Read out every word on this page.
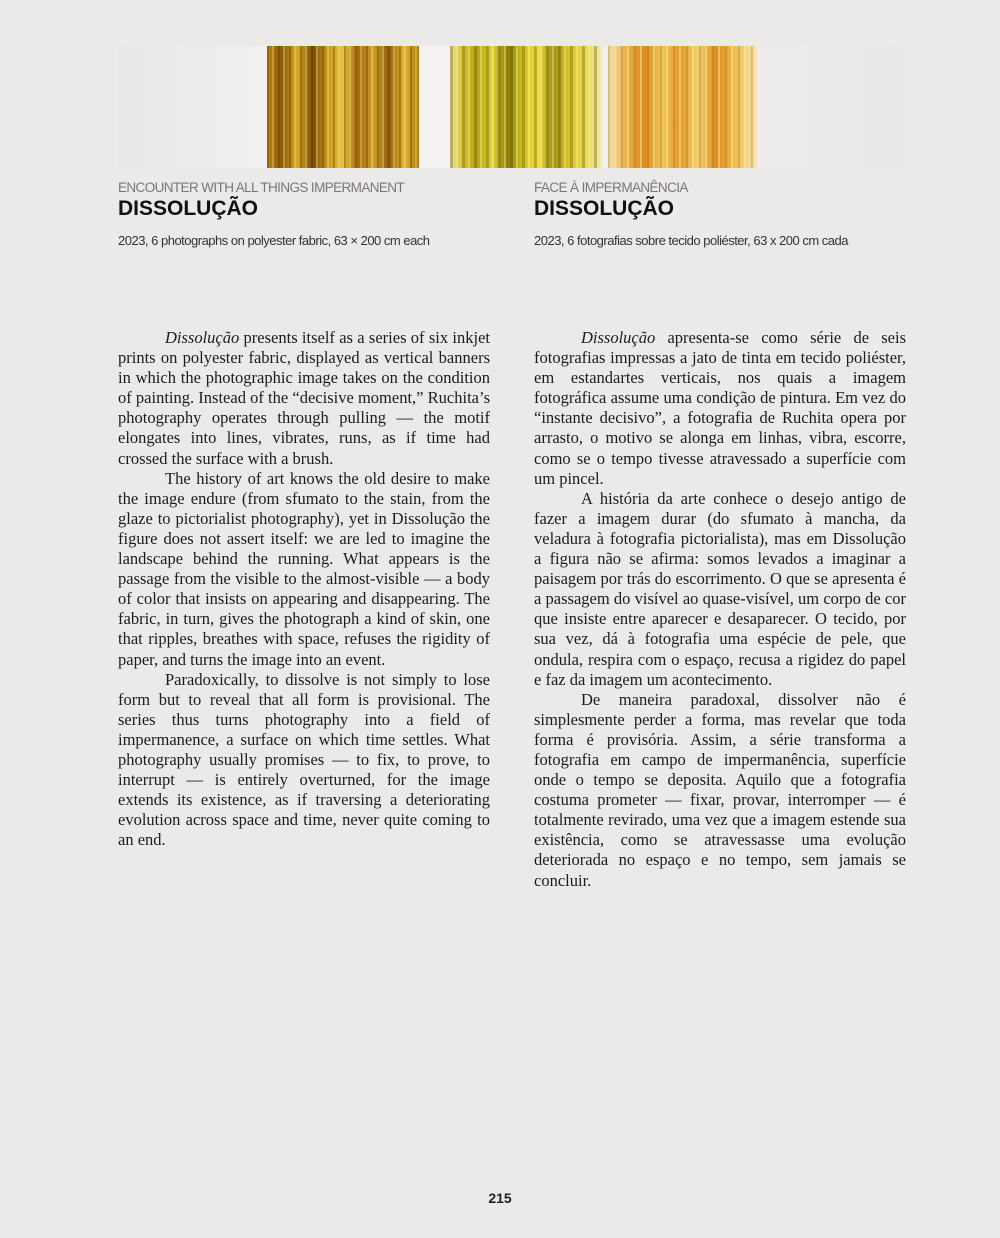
ENCOUNTER WITH ALL THINGS IMPERMANENT
DISSOLUÇÃO
2023, 6 photographs on polyester fabric, 63 × 200 cm each
FACE À IMPERMANÊNCIA
DISSOLUÇÃO
2023, 6 fotografias sobre tecido poliéster, 63 x 200 cm cada

Dissolução presents itself as a series of six inkjet prints on polyester fabric, displayed as vertical banners in which the photographic image takes on the condition of painting. Instead of the “decisive moment,” Ruchita’s photography operates through pulling — the motif elongates into lines, vibrates, runs, as if time had crossed the surface with a brush.

The history of art knows the old desire to make the image endure (from sfumato to the stain, from the glaze to pictorialist photography), yet in Dissolução the figure does not assert itself: we are led to imagine the landscape behind the running. What appears is the passage from the visible to the almost-visible — a body of color that insists on appearing and disappearing. The fabric, in turn, gives the photograph a kind of skin, one that ripples, breathes with space, refuses the rigidity of paper, and turns the image into an event.

Paradoxically, to dissolve is not simply to lose form but to reveal that all form is provisional. The series thus turns photography into a field of impermanence, a surface on which time settles. What photography usually promises — to fix, to prove, to interrupt — is entirely overturned, for the image extends its existence, as if traversing a deteriorating evolution across space and time, never quite coming to an end.

Dissolução apresenta-se como série de seis fotografias impressas a jato de tinta em tecido poliéster, em estandartes verticais, nos quais a imagem fotográfica assume uma condição de pintura. Em vez do “instante decisivo”, a fotografia de Ruchita opera por arrasto, o motivo se alonga em linhas, vibra, escorre, como se o tempo tivesse atravessado a superfície com um pincel.

A história da arte conhece o desejo antigo de fazer a imagem durar (do sfumato à mancha, da veladura à fotografia pictorialista), mas em Dissolução a figura não se afirma: somos levados a imaginar a paisagem por trás do escorrimento. O que se apresenta é a passagem do visível ao quase-visível, um corpo de cor que insiste entre aparecer e desaparecer. O tecido, por sua vez, dá à fotografia uma espécie de pele, que ondula, respira com o espaço, recusa a rigidez do papel e faz da imagem um acontecimento.

De maneira paradoxal, dissolver não é simplesmente perder a forma, mas revelar que toda forma é provisória. Assim, a série transforma a fotografia em campo de impermanência, superfície onde o tempo se deposita. Aquilo que a fotografia costuma prometer — fixar, provar, interromper — é totalmente revirado, uma vez que a imagem estende sua existência, como se atravessasse uma evolução deteriorada no espaço e no tempo, sem jamais se concluir.

215
